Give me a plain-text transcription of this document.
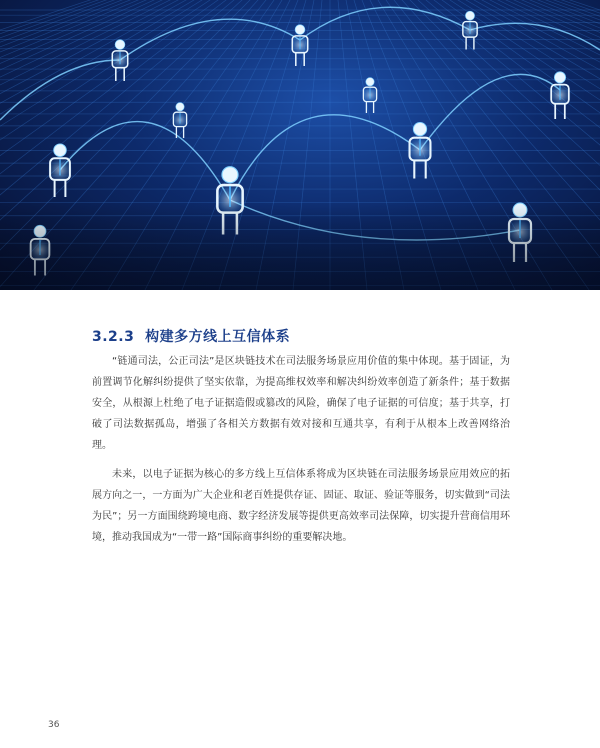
3.2.3 构建多方线上互信体系

“链通司法，公正司法”是区块链技术在司法服务场景应用价值的集中体现。基于固证，为前置调节化解纠纷提供了坚实依靠，为提高维权效率和解决纠纷效率创造了新条件；基于数据安全，从根源上杜绝了电子证据造假或篡改的风险，确保了电子证据的可信度；基于共享，打破了司法数据孤岛，增强了各相关方数据有效对接和互通共享，有利于从根本上改善网络治理。

未来，以电子证据为核心的多方线上互信体系将成为区块链在司法服务场景应用效应的拓展方向之一，一方面为广大企业和老百姓提供存证、固证、取证、验证等服务，切实做到“司法为民”；另一方面围绕跨境电商、数字经济发展等提供更高效率司法保障，切实提升营商信用环境，推动我国成为“一带一路”国际商事纠纷的重要解决地。

36
